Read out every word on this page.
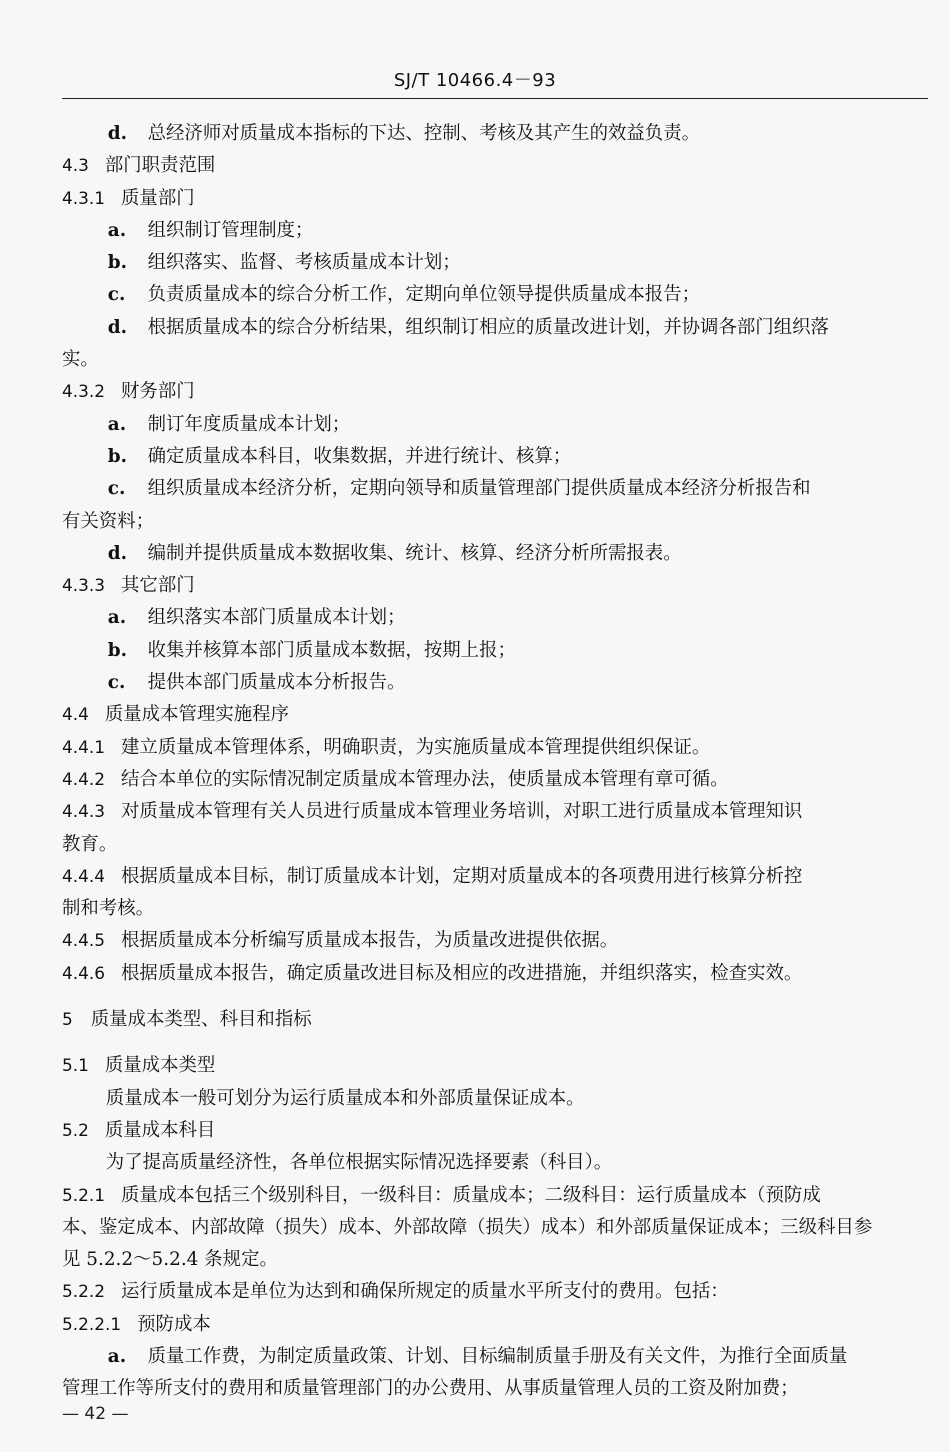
SJ/T 10466.4－93
d. 总经济师对质量成本指标的下达、控制、考核及其产生的效益负责。
4.3 部门职责范围
4.3.1 质量部门
a. 组织制订管理制度；
b. 组织落实、监督、考核质量成本计划；
c. 负责质量成本的综合分析工作，定期向单位领导提供质量成本报告；
d. 根据质量成本的综合分析结果，组织制订相应的质量改进计划，并协调各部门组织落
实。
4.3.2 财务部门
a. 制订年度质量成本计划；
b. 确定质量成本科目，收集数据，并进行统计、核算；
c. 组织质量成本经济分析，定期向领导和质量管理部门提供质量成本经济分析报告和
有关资料；
d. 编制并提供质量成本数据收集、统计、核算、经济分析所需报表。
4.3.3 其它部门
a. 组织落实本部门质量成本计划；
b. 收集并核算本部门质量成本数据，按期上报；
c. 提供本部门质量成本分析报告。
4.4 质量成本管理实施程序
4.4.1 建立质量成本管理体系，明确职责，为实施质量成本管理提供组织保证。
4.4.2 结合本单位的实际情况制定质量成本管理办法，使质量成本管理有章可循。
4.4.3 对质量成本管理有关人员进行质量成本管理业务培训，对职工进行质量成本管理知识
教育。
4.4.4 根据质量成本目标，制订质量成本计划，定期对质量成本的各项费用进行核算分析控
制和考核。
4.4.5 根据质量成本分析编写质量成本报告，为质量改进提供依据。
4.4.6 根据质量成本报告，确定质量改进目标及相应的改进措施，并组织落实，检查实效。
5 质量成本类型、科目和指标
5.1 质量成本类型
质量成本一般可划分为运行质量成本和外部质量保证成本。
5.2 质量成本科目
为了提高质量经济性，各单位根据实际情况选择要素（科目）。
5.2.1 质量成本包括三个级别科目，一级科目：质量成本；二级科目：运行质量成本（预防成
本、鉴定成本、内部故障（损失）成本、外部故障（损失）成本）和外部质量保证成本；三级科目参
见 5.2.2～5.2.4 条规定。
5.2.2 运行质量成本是单位为达到和确保所规定的质量水平所支付的费用。包括：
5.2.2.1 预防成本
a. 质量工作费，为制定质量政策、计划、目标编制质量手册及有关文件，为推行全面质量
管理工作等所支付的费用和质量管理部门的办公费用、从事质量管理人员的工资及附加费；
— 42 —
